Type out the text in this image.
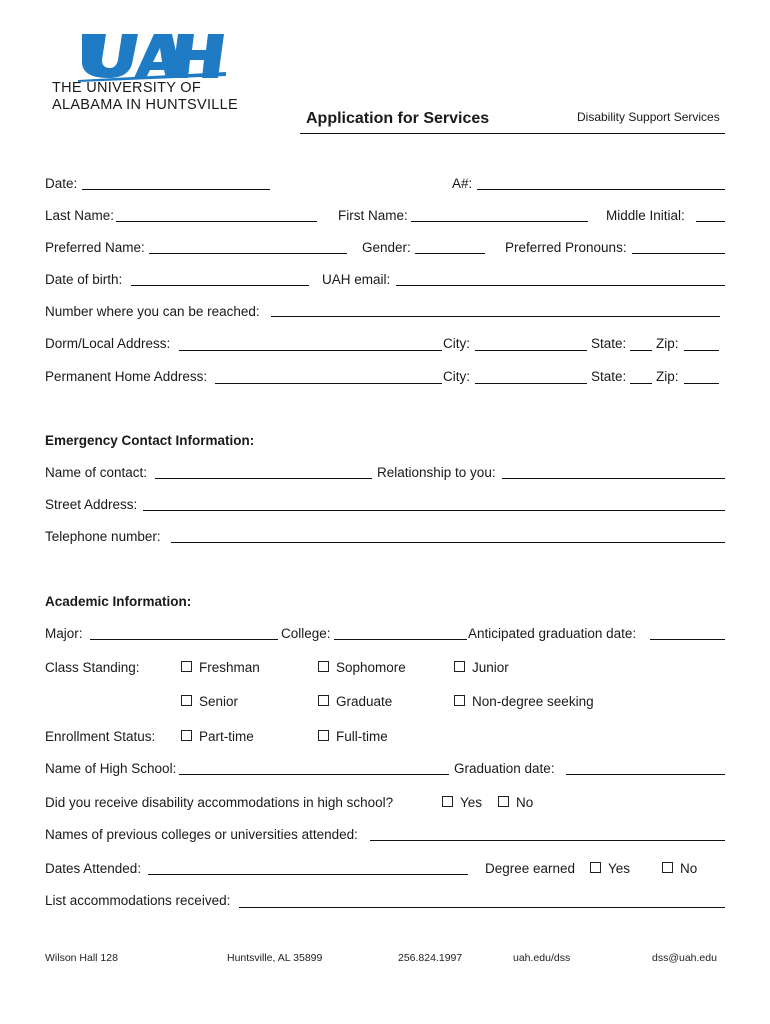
THE UNIVERSITY OF
ALABAMA IN HUNTSVILLE
Application for Services	Disability Support Services
Date:	A#:
Last Name:	First Name:	Middle Initial:
Preferred Name:	Gender:	Preferred Pronouns:
Date of birth:	UAH email:
Number where you can be reached:
Dorm/Local Address:	City:	State: Zip:
Permanent Home Address:	City:	State: Zip:
Emergency Contact Information:
Name of contact:	Relationship to you:
Street Address:
Telephone number:
Academic Information:
Major:	College:	Anticipated graduation date:
Class Standing:	Freshman	Sophomore	Junior
Senior	Graduate	Non-degree seeking
Enrollment Status:	Part-time	Full-time
Name of High School:	Graduation date:
Did you receive disability accommodations in high school?	Yes	No
Names of previous colleges or universities attended:
Dates Attended:	Degree earned	Yes	No
List accommodations received:
Wilson Hall 128	Huntsville, AL 35899	256.824.1997	uah.edu/dss	dss@uah.edu
